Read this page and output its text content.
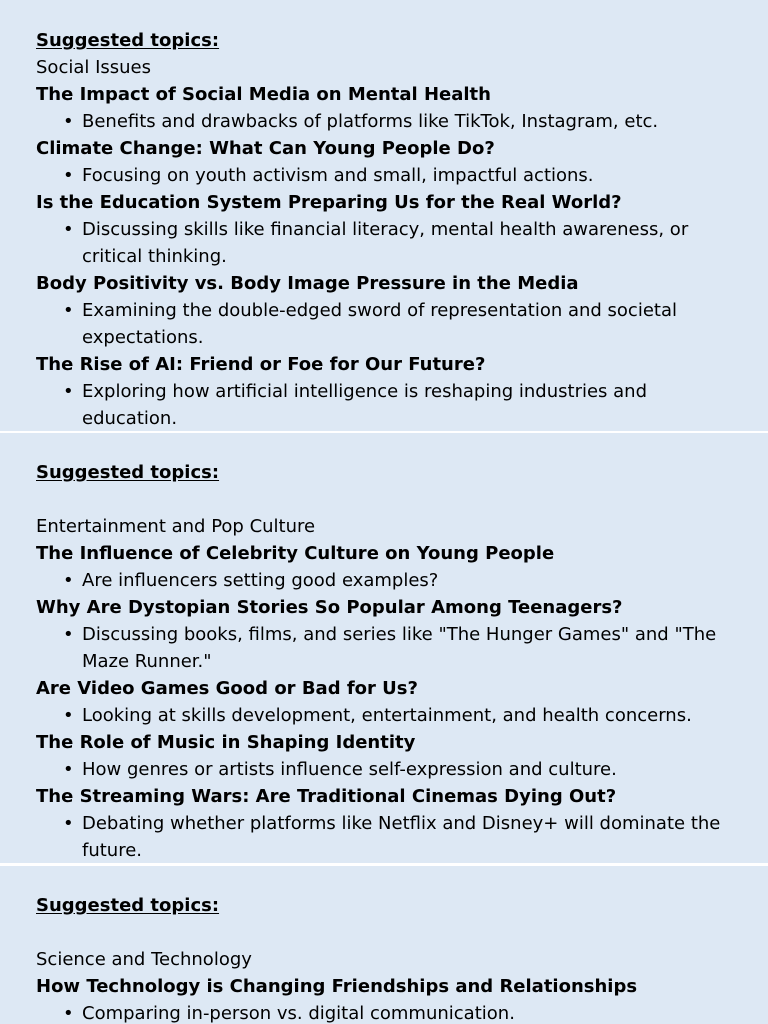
Suggested topics:
Social Issues
The Impact of Social Media on Mental Health
• Benefits and drawbacks of platforms like TikTok, Instagram, etc.
Climate Change: What Can Young People Do?
• Focusing on youth activism and small, impactful actions.
Is the Education System Preparing Us for the Real World?
• Discussing skills like financial literacy, mental health awareness, or
critical thinking.
Body Positivity vs. Body Image Pressure in the Media
• Examining the double-edged sword of representation and societal
expectations.
The Rise of AI: Friend or Foe for Our Future?
• Exploring how artificial intelligence is reshaping industries and
education.
Suggested topics:
Entertainment and Pop Culture
The Influence of Celebrity Culture on Young People
• Are influencers setting good examples?
Why Are Dystopian Stories So Popular Among Teenagers?
• Discussing books, films, and series like "The Hunger Games" and "The
Maze Runner."
Are Video Games Good or Bad for Us?
• Looking at skills development, entertainment, and health concerns.
The Role of Music in Shaping Identity
• How genres or artists influence self-expression and culture.
The Streaming Wars: Are Traditional Cinemas Dying Out?
• Debating whether platforms like Netflix and Disney+ will dominate the
future.
Suggested topics:
Science and Technology
How Technology is Changing Friendships and Relationships
• Comparing in-person vs. digital communication.
